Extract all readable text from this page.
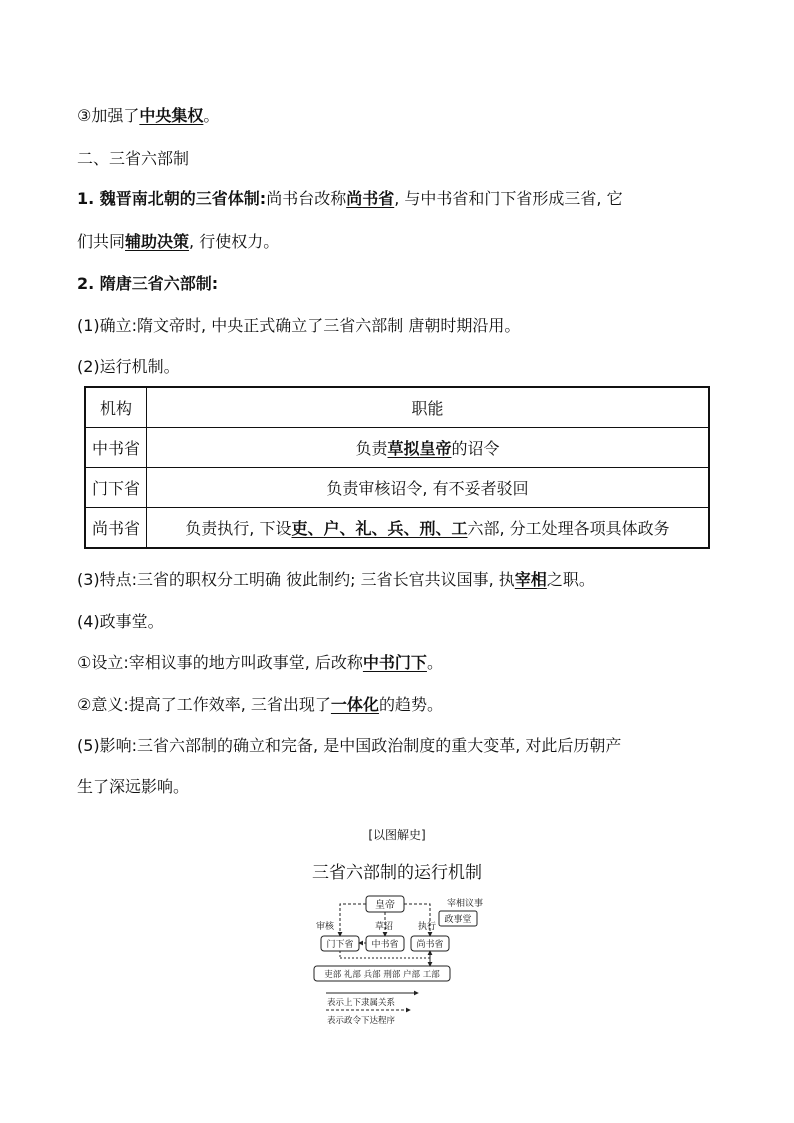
③加强了中央集权。
二、三省六部制
1. 魏晋南北朝的三省体制:尚书台改称尚书省, 与中书省和门下省形成三省, 它
们共同辅助决策, 行使权力。
2. 隋唐三省六部制:
(1)确立:隋文帝时, 中央正式确立了三省六部制 唐朝时期沿用。
(2)运行机制。
机构	职能
中书省	负责草拟皇帝的诏令
门下省	负责审核诏令, 有不妥者驳回
尚书省	负责执行, 下设吏、户、礼、兵、刑、工六部, 分工处理各项具体政务
(3)特点:三省的职权分工明确 彼此制约; 三省长官共议国事, 执宰相之职。
(4)政事堂。
①设立:宰相议事的地方叫政事堂, 后改称中书门下。
②意义:提高了工作效率, 三省出现了一体化的趋势。
(5)影响:三省六部制的确立和完备, 是中国政治制度的重大变革, 对此后历朝产
生了深远影响。
[以图解史]
三省六部制的运行机制
皇帝	宰相议事
政事堂
审核	草诏	执行
门下省 中书省 尚书省
吏部 礼部 兵部 刑部 户部 工部
表示上下隶属关系
表示政令下达程序
